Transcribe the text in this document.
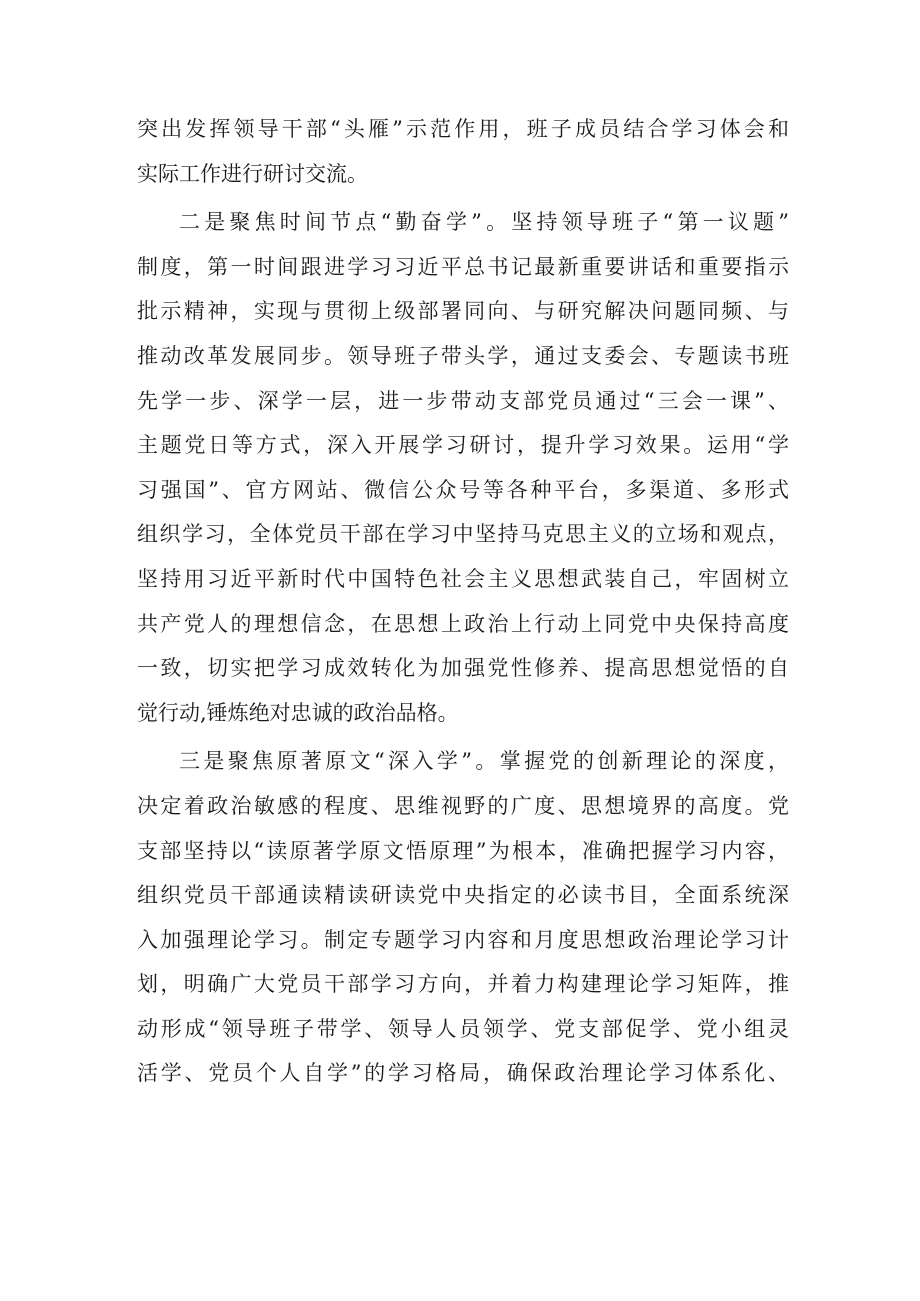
突出发挥领导干部“头雁”示范作用，班子成员结合学习体会和
实际工作进行研讨交流。
二是聚焦时间节点“勤奋学”。坚持领导班子“第一议题”
制度，第一时间跟进学习习近平总书记最新重要讲话和重要指示
批示精神，实现与贯彻上级部署同向、与研究解决问题同频、与
推动改革发展同步。领导班子带头学，通过支委会、专题读书班
先学一步、深学一层，进一步带动支部党员通过“三会一课”、
主题党日等方式，深入开展学习研讨，提升学习效果。运用“学
习强国”、官方网站、微信公众号等各种平台，多渠道、多形式
组织学习，全体党员干部在学习中坚持马克思主义的立场和观点，
坚持用习近平新时代中国特色社会主义思想武装自己，牢固树立
共产党人的理想信念，在思想上政治上行动上同党中央保持高度
一致，切实把学习成效转化为加强党性修养、提高思想觉悟的自
觉行动,锤炼绝对忠诚的政治品格。
三是聚焦原著原文“深入学”。掌握党的创新理论的深度，
决定着政治敏感的程度、思维视野的广度、思想境界的高度。党
支部坚持以“读原著学原文悟原理”为根本，准确把握学习内容，
组织党员干部通读精读研读党中央指定的必读书目，全面系统深
入加强理论学习。制定专题学习内容和月度思想政治理论学习计
划，明确广大党员干部学习方向，并着力构建理论学习矩阵，推
动形成“领导班子带学、领导人员领学、党支部促学、党小组灵
活学、党员个人自学”的学习格局，确保政治理论学习体系化、
